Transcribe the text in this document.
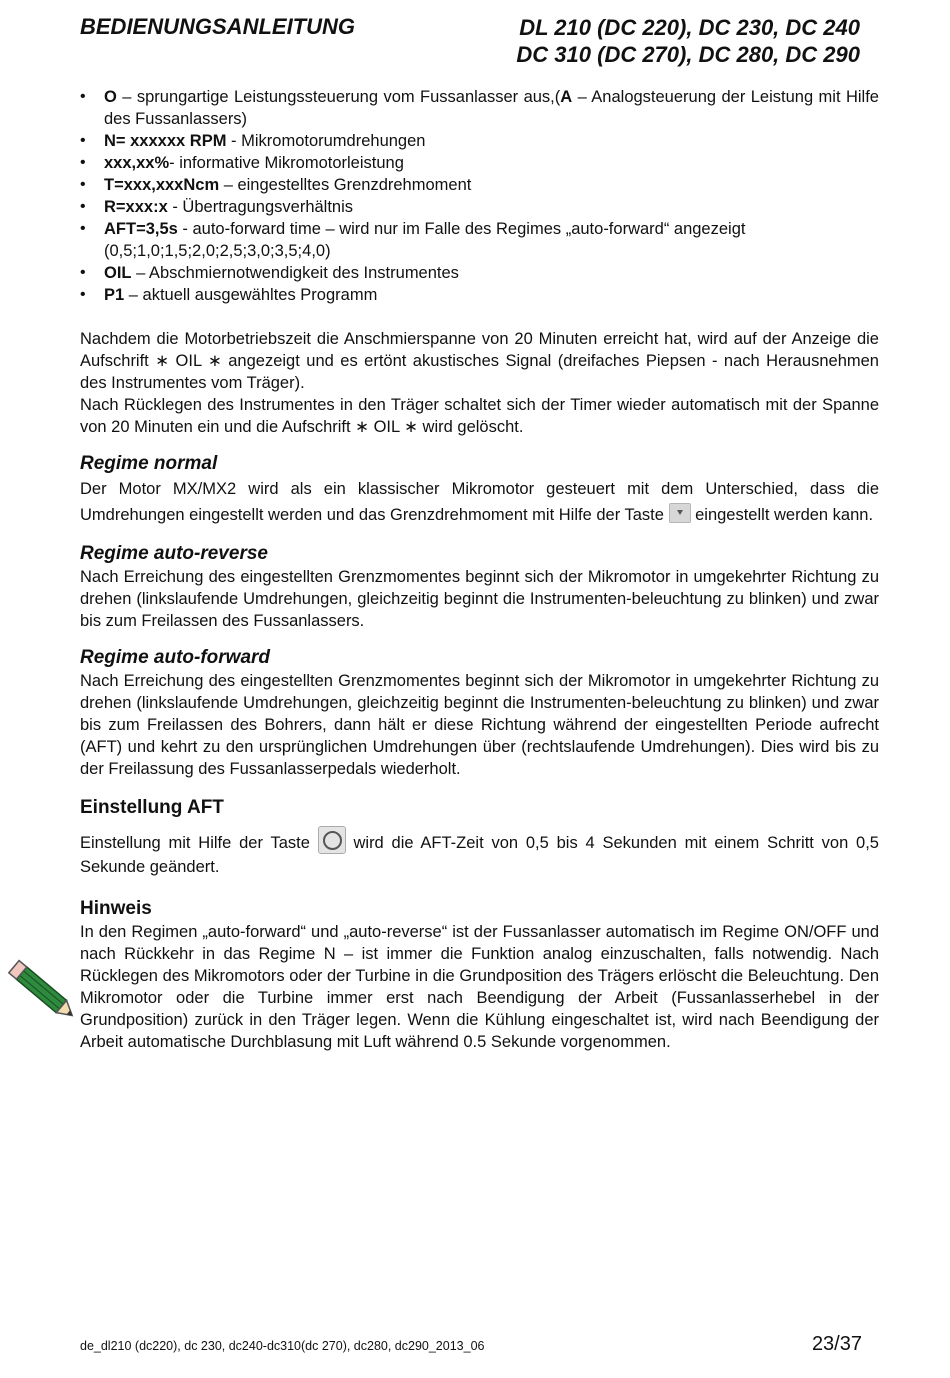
BEDIENUNGSANLEITUNG	DL 210 (DC 220), DC 230, DC 240
DC 310 (DC 270), DC 280, DC 290
• O – sprungartige Leistungssteuerung vom Fussanlasser aus,(A – Analogsteuerung der Leistung mit Hilfe des Fussanlassers)
• N= xxxxxx RPM - Mikromotorumdrehungen
• xxx,xx%- informative Mikromotorleistung
• T=xxx,xxxNcm – eingestelltes Grenzdrehmoment
• R=xxx:x - Übertragungsverhältnis
• AFT=3,5s - auto-forward time – wird nur im Falle des Regimes „auto-forward“ angezeigt
(0,5;1,0;1,5;2,0;2,5;3,0;3,5;4,0)
• OIL – Abschmiernotwendigkeit des Instrumentes
• P1 – aktuell ausgewähltes Programm

Nachdem die Motorbetriebszeit die Anschmierspanne von 20 Minuten erreicht hat, wird auf der Anzeige die Aufschrift ∗ OIL ∗ angezeigt und es ertönt akustisches Signal (dreifaches Piepsen - nach Herausnehmen des Instrumentes vom Träger).

Nach Rücklegen des Instrumentes in den Träger schaltet sich der Timer wieder automatisch mit der Spanne von 20 Minuten ein und die Aufschrift ∗ OIL ∗ wird gelöscht.

Regime normal

Der Motor MX/MX2 wird als ein klassischer Mikromotor gesteuert mit dem Unterschied, dass die Umdrehungen eingestellt werden und das Grenzdrehmoment mit Hilfe der Taste  eingestellt werden kann.

Regime auto-reverse

Nach Erreichung des eingestellten Grenzmomentes beginnt sich der Mikromotor in umgekehrter Richtung zu drehen (linkslaufende Umdrehungen, gleichzeitig beginnt die Instrumenten-beleuchtung zu blinken) und zwar bis zum Freilassen des Fussanlassers.

Regime auto-forward

Nach Erreichung des eingestellten Grenzmomentes beginnt sich der Mikromotor in umgekehrter Richtung zu drehen (linkslaufende Umdrehungen, gleichzeitig beginnt die Instrumenten-beleuchtung zu blinken) und zwar bis zum Freilassen des Bohrers, dann hält er diese Richtung während der eingestellten Periode aufrecht (AFT) und kehrt zu den ursprünglichen Umdrehungen über (rechtslaufende Umdrehungen). Dies wird bis zu der Freilassung des Fussanlasserpedals wiederholt.

Einstellung AFT

Einstellung mit Hilfe der Taste  wird die AFT-Zeit von 0,5 bis 4 Sekunden mit einem Schritt von 0,5 Sekunde geändert.

Hinweis

In den Regimen „auto-forward“ und „auto-reverse“ ist der Fussanlasser automatisch im Regime ON/OFF und nach Rückkehr in das Regime N – ist immer die Funktion analog einzuschalten, falls notwendig. Nach Rücklegen des Mikromotors oder der Turbine in die Grundposition des Trägers erlöscht die Beleuchtung. Den Mikromotor oder die Turbine immer erst nach Beendigung der Arbeit (Fussanlasserhebel in der Grundposition) zurück in den Träger legen. Wenn die Kühlung eingeschaltet ist, wird nach Beendigung der Arbeit automatische Durchblasung mit Luft während 0.5 Sekunde vorgenommen.

de_dl210 (dc220), dc 230, dc240-dc310(dc 270), dc280, dc290_2013_06	23/37
